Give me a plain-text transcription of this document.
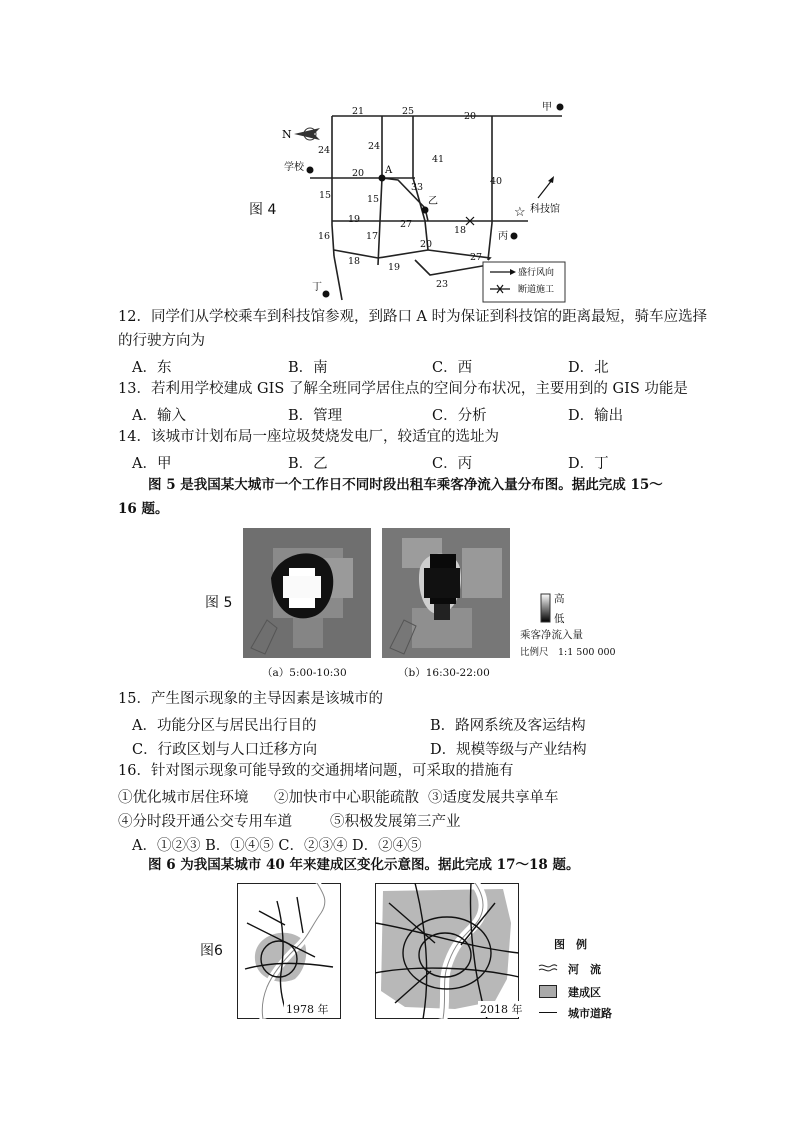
图 4
盛行风向
断道施工
N
甲
学校	A
乙
☆ 科技馆
丙
丁
21	25	20
24	24
41
20
33
15	15
40
19	27
18
16	17
20
27
18
19
23
12．同学们从学校乘车到科技馆参观，到路口 A 时为保证到科技馆的距离最短，骑车应选择
的行驶方向为
A．东	B．南	C．西	D．北
13．若利用学校建成 GIS 了解全班同学居住点的空间分布状况，主要用到的 GIS 功能是
A．输入	B．管理	C．分析	D．输出
14．该城市计划布局一座垃圾焚烧发电厂，较适宜的选址为
A．甲	B．乙	C．丙	D．丁
图 5 是我国某大城市一个工作日不同时段出租车乘客净流入量分布图。据此完成 15～
16 题。
图 5
（a）5:00-10:30	（b）16:30-22:00
高
低
乘客净流入量
比例尺　1:1 500 000
15．产生图示现象的主导因素是该城市的
A．功能分区与居民出行目的	B．路网系统及客运结构
C．行政区划与人口迁移方向	D．规模等级与产业结构
16．针对图示现象可能导致的交通拥堵问题，可采取的措施有
①优化城市居住环境 ②加快市中心职能疏散 ③适度发展共享单车
④分时段开通公交专用车道	⑤积极发展第三产业
A．①②③ B．①④⑤ C．②③④ D．②④⑤
图 6 为我国某城市 40 年来建成区变化示意图。据此完成 17～18 题。
图6
1978 年	2018 年
图　例
河　流
建成区
城市道路
